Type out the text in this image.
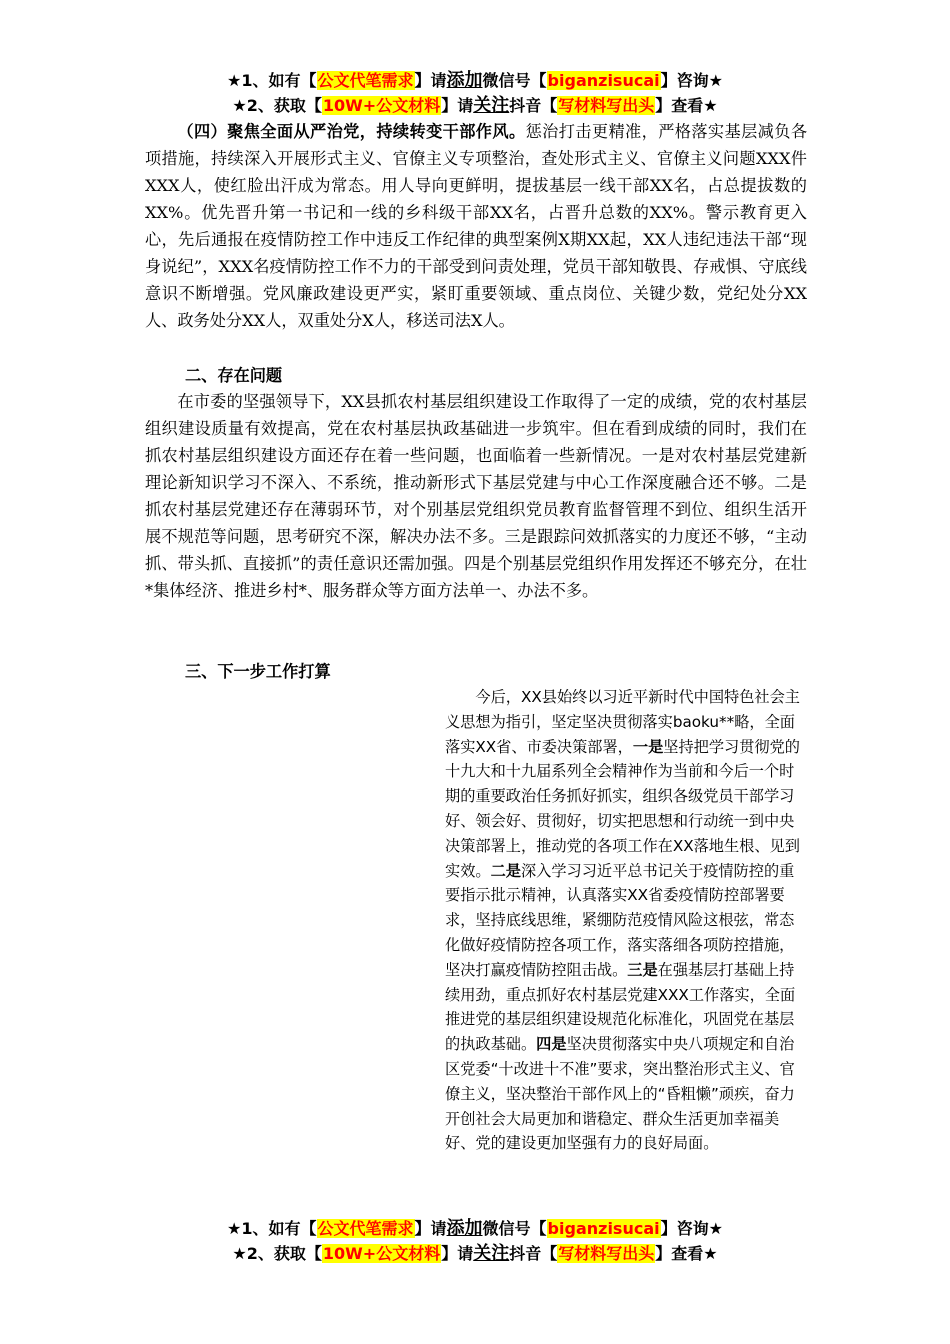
★1、如有【公文代笔需求】请添加微信号【biganzisucai】咨询★
★2、获取【10W+公文材料】请关注抖音【写材料写出头】查看★

（四）聚焦全面从严治党，持续转变干部作风。惩治打击更精准，严格落实基层减负各项措施，持续深入开展形式主义、官僚主义专项整治，查处形式主义、官僚主义问题XXX件XXX人，使红脸出汗成为常态。用人导向更鲜明，提拔基层一线干部XX名，占总提拔数的XX%。优先晋升第一书记和一线的乡科级干部XX名，占晋升总数的XX%。警示教育更入心，先后通报在疫情防控工作中违反工作纪律的典型案例X期XX起，XX人违纪违法干部“现身说纪”，XXX名疫情防控工作不力的干部受到问责处理，党员干部知敬畏、存戒惧、守底线意识不断增强。党风廉政建设更严实，紧盯重要领域、重点岗位、关键少数，党纪处分XX人、政务处分XX人，双重处分X人，移送司法X人。

二、存在问题

在市委的坚强领导下，XX县抓农村基层组织建设工作取得了一定的成绩，党的农村基层组织建设质量有效提高，党在农村基层执政基础进一步筑牢。但在看到成绩的同时，我们在抓农村基层组织建设方面还存在着一些问题，也面临着一些新情况。一是对农村基层党建新理论新知识学习不深入、不系统，推动新形式下基层党建与中心工作深度融合还不够。二是抓农村基层党建还存在薄弱环节，对个别基层党组织党员教育监督管理不到位、组织生活开展不规范等问题，思考研究不深，解决办法不多。三是跟踪问效抓落实的力度还不够，“主动抓、带头抓、直接抓”的责任意识还需加强。四是个别基层党组织作用发挥还不够充分，在壮*集体经济、推进乡村*、服务群众等方面方法单一、办法不多。

三、下一步工作打算

今后，XX县始终以习近平新时代中国特色社会主义思想为指引，坚定坚决贯彻落实baoku**略，全面落实XX省、市委决策部署，一是坚持把学习贯彻党的十九大和十九届系列全会精神作为当前和今后一个时期的重要政治任务抓好抓实，组织各级党员干部学习好、领会好、贯彻好，切实把思想和行动统一到中央决策部署上，推动党的各项工作在XX落地生根、见到实效。二是深入学习习近平总书记关于疫情防控的重要指示批示精神，认真落实XX省委疫情防控部署要求，坚持底线思维，紧绷防范疫情风险这根弦，常态化做好疫情防控各项工作，落实落细各项防控措施，坚决打赢疫情防控阻击战。三是在强基层打基础上持续用劲，重点抓好农村基层党建XXX工作落实，全面推进党的基层组织建设规范化标准化，巩固党在基层的执政基础。四是坚决贯彻落实中央八项规定和自治区党委“十改进十不准”要求，突出整治形式主义、官僚主义，坚决整治干部作风上的“昏粗懒”顽疾，奋力开创社会大局更加和谐稳定、群众生活更加幸福美好、党的建设更加坚强有力的良好局面。

★1、如有【公文代笔需求】请添加微信号【biganzisucai】咨询★
★2、获取【10W+公文材料】请关注抖音【写材料写出头】查看★
